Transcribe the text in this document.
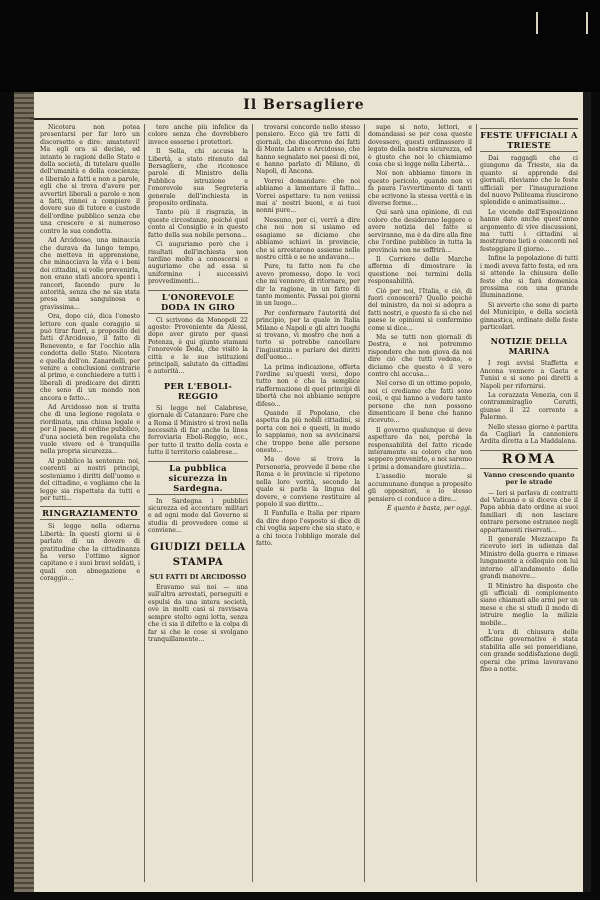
Il Bersagliere

Nicotera non potea presentarsi per far loro un discorsetto e dire: amatetevi! Ma egli ora si decise, ed intanto le ragioni dello Stato e della società, di tutelare quelle dell'umanità e della coscienza; e liberalo a fatti e non a parole, egli che si trova d'avere per avvertiri liberali a parole e non a fatti, rinnei a compiere il dovere suo di tutore e custode dell'ordine pubblico senza che una crescere e si numeroso contro la sua condotta.

Ad Arcidosso, una minaccia che durava da lungo tempo, che metteva in apprensione, che minacciava la vita e i beni dei cittadini, si volle prevenirla, non erano stati ancora spenti i rancori, facendo pure le autorità, senza che ne sia stata presa una sanguinosa e gravissima...

Ora, dopo ciò, dica l'onesto lettore con quale coraggio si può tirar fuori, a proposito dei fatti d'Arcidosso, il fatto di Benevento, e far l'occhio alla condotta dello Stato. Nicotera e quella dell'on. Zanardelli, per venire a conclusioni contrarie al primo, e conchiedere a tutti i liberali di predicare dei diritti che sono di un mondo non ancora e fatto...

Ad Arcidosso non si tratta che di una legione regolata e riordinata, una chiusa legale e per il paese, di ordine pubblico, d'una società ben regolata che vuole vivere ed è tranquilla nella propria sicurezza...

Al pubblico la sentenza: noi, coerenti ai nostri principi, sosteniamo i diritti dell'uomo e del cittadino, e vogliamo che la legge sia rispettata da tutti e per tutti...

RINGRAZIAMENTO

Si legge nella odierna Libertà: In questi giorni si è parlato di un dovere di gratitudine che la cittadinanza ha verso l'ottimo signor capitano e i suoi bravi soldati, i quali con abnegazione e coraggio...

tere anche più infelice da colore senza che dovrebbero invece esserne i protettori.

Il Sella, chi accusa la Libertà, a stato ritenuto dal Bersagliere, che riconosce parole di Ministro della Pubblica istruzione e l'onorevole sua Segreteria generale dell'inchiesta in proposito ordinata.

Tanto più il risgrazia, in queste circostanze, poiché quel conto al Consiglio e in questo fatto della sua nobile persona...

Ci auguriamo però che i risultati dell'inchiesta non tardino molto a conoscersi e auguriamo che ad essa si uniformino i successivi provvedimenti...

L'ONOREVOLE DODA IN GIRO

Ci scrivono da Monopoli 22 agosto: Proveniente da Alessi, dopo aver girato per quasi Potenza, è qui giunto stamani l'onorevole Doda, che visitò la città e le sue istituzioni principali, salutato da cittadini e autorità...

PER L'EBOLI-REGGIO

Si legge nel Calabrese, giornale di Catanzaro: Pare che a Roma il Ministro si trovi nella necessità di far anche la linea ferroviaria Eboli-Reggio, ecc., per tutto il tratto della costa e tutto il territorio calabrese...

La pubblica sicurezza in Sardegna.

In Sardegna i pubblici sicurezza ed accentare militari e ad ogni modo dal Governo si studia di provvedere come si conviene...

GIUDIZI DELLA STAMPA

SUI FATTI DI ARCIDOSSO

Eravamo sui noi — una sull'altra arrestati, perseguiti e espulsi da una intera società, ove in molti casi si ravvisava sempre stolto ogni lotta, senza che ci sia il difetto e la colpa di far si che le cose si svolgano tranquillamente...

trovarsi concorde nello stesso pensiero. Ecco già tre fatti di giornali, che discorrono dei fatti di Monte Labro e Arcidosso, che hanno segnalato nei paesi di noi, e hanno parlato di Milano, di Napoli, di Ancona.

Vorrei domandare: che noi abbiamo a lamentare il fatto... Vorrei aspettare: tu non venissi mai a' nostri buoni, e ai tuoi nonni pure...

Nessuno, per ci, verrà a dire che noi non si usiamo ed esagiamo se diciamo che abbiamo schiavi in provincie, che si arrestarono assieme nelle nostre città e se ne andavano...

Pure, tu fatto non fu che avevo promesso, dopo le voci che mi vennero, di ritornare, per dir la ragione, in un fatto di tanto momento. Passai poi giorni in un luogo...

Per confermare l'autorità del principio, per la quale in Italia Milano e Napoli e gli altri luoghi si trovano, vi mostro che non a torto si potrebbe cancellare l'ingiustizia e parlare dei diritti dell'uomo...

La prima indicazione, offerta l'ordine su'questi versi, dopo tutto non è che la semplice riaffermazione di quei principi di libertà che noi abbiamo sempre difeso...

Quando il Popolano, che aspetta da più nobili cittadini, si porta con noi e questi, in modo lo sappiamo, non sa avvicinarsi che troppo bene alle persone oneste...

Ma dove si trova la Personeria, provvede il bene che Roma e le provincie si ripetono nella loro verità, secondo la quale si parla la lingua del dovere, e conviene restituire al popolo il suo diritto...

Il Fanfulla e Italia per riparo da dire dopo l'esposto si dice di chi voglia sapere che sia stato, e a chi tocca l'obbligo morale del fatto.

supe si noto, lettori, e domandassi se per cosa queste dovessero, questi ordinassero il legato della nostra sicurezza, ed è giusto che noi lo chiamiamo cosa che si legge nella Libertà...

Noi non abbiamo timore in questo pericolo, quando non vi fa paura l'avvertimento di tanti che scrivono la stessa verità e in diverse forme...

Qui sarà una opinione, di cui coloro che desiderano leggere o avere notizia del fatto si serviranno, ma è da dire alla fine che l'ordine pubblico in tutta la provincia non ne soffrirà...

Il Corriere delle Marche afferma di dimostrare la questione nei termini della responsabilità.

Ciò per noi, l'Italia, e ciò, di fuori conoscerà? Quello poiché del ministro, da noi si adopra a fatti nostri, e questo fa sì che nel paese le opinioni si confermino come si dice...

Ma se tutti non giornali di Destra, e noi potremmo rispondere che non giova da noi dire ciò che tutti vedono, e diciamo che questo è il vero contro chi accusa...

Nel corso di un ottimo popolo, noi ci crediamo che fatti sono così, e qui hanno a vedere tante persone che non possono dimenticare il bene che hanno ricevuto...

Il governo qualunque si deve aspettare da noi, perchè la responsabilità del fatto ricade interamente su coloro che non seppero prevenirlo, e noi saremo i primi a domandare giustizia...

L'assedio morale si accumunano dunque a proposito gli oppositori, e lo stesso pensiero ci conduce a dire...

È quanto è basta, per oggi.

FESTE UFFICIALI A TRIESTE

Dai raggagli che ci giungono da Trieste, sia da quanto si apprende dai giornali, rileviamo che le feste ufficiali per l'inaugurazione del nuovo Politeama riuscirono splendide e animatissime...

Le vicende dell'Esposizione hanno dato anche quest'anno argomento di vive discussioni, ma tutti i cittadini si mostrarono lieti e concordi nel festeggiare il giorno...

Infine la popolazione di tutti i modi aveva fatto festa, ed ora si attende la chiusura delle feste che si farà domenica prossima con una grande illuminazione.

Si avverte che sono di parte del Municipio, e della società ginnastica, ordinate delle feste particolari.

NOTIZIE DELLA MARINA

I regi avvisi Staffetta e Ancona vennero a Gaeta e Tunisi e si sono poi diretti a Napoli per rifornirsi.

La corazzata Venezia, con il contrammiraglio Cerutti, giunse il 22 corrente a Palermo.

Nello stesso giorno è partita da Cagliari la cannoniera Ardita diretta a La Maddalena.

ROMA

Vanno crescendo quanto per le strade

— Ieri si parlava di contratti del Vaticano e si diceva che il Papa abbia dato ordine ai suoi familiari di non lasciare entrare persone estranee negli appartamenti riservati...

Il generale Mezzacapo fu ricevuto ieri in udienza dal Ministro della guerra e rimase lungamente a colloquio con lui intorno all'andamento delle grandi manovre...

Il Ministro ha disposto che gli ufficiali di complemento siano chiamati alle armi per un mese e che si studi il modo di istruire meglio la milizia mobile...

L'ora di chiusura delle officine governative è stata stabilita alle sei pomeridiane, con grande soddisfazione degli operai che prima lavoravano fino a notte.
